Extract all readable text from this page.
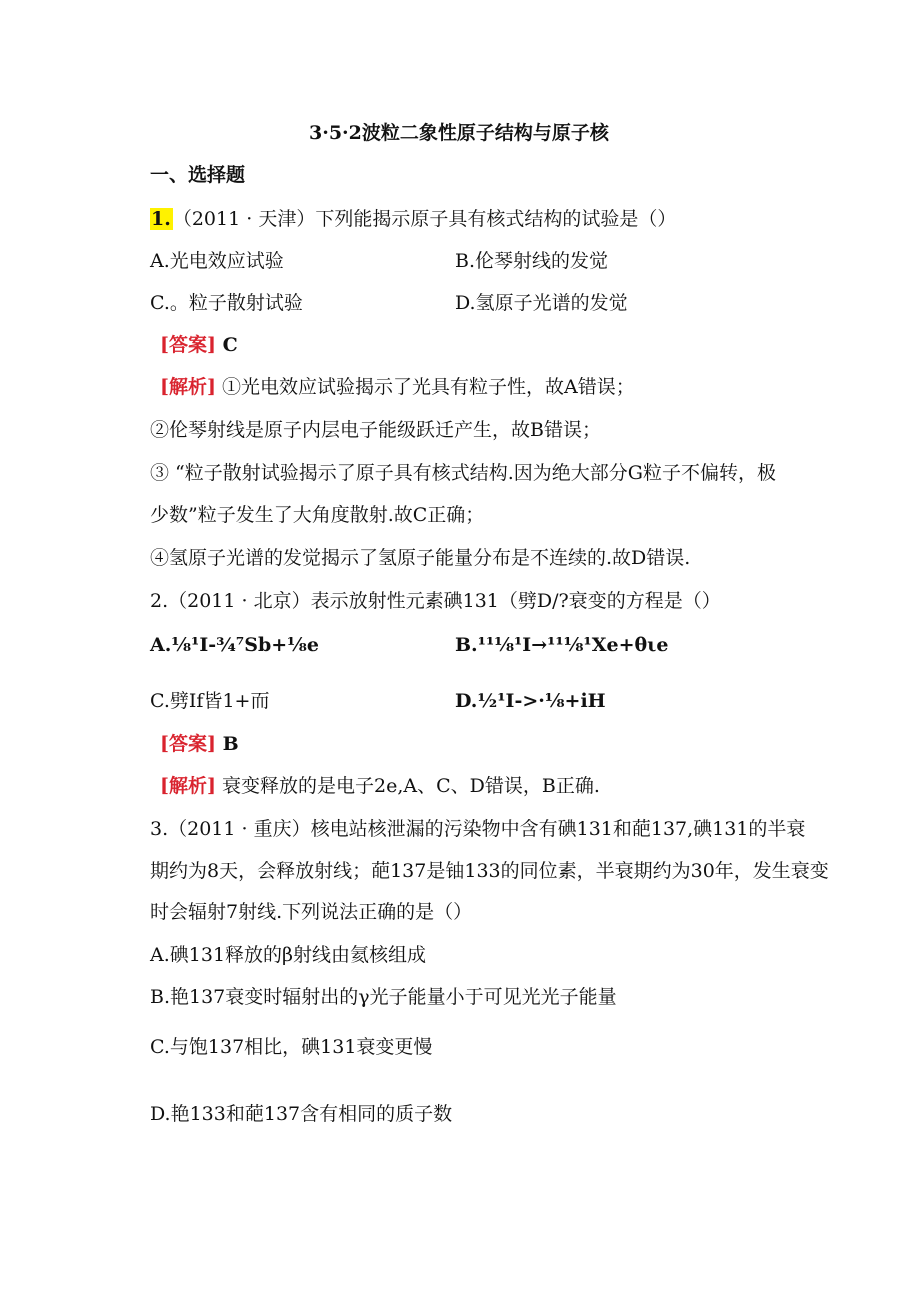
3·5·2波粒二象性原子结构与原子核
一、选择题
1. （2011 · 天津）下列能揭示原子具有核式结构的试验是（）
A.光电效应试验	B.伦琴射线的发觉
C.。粒子散射试验	D.氢原子光谱的发觉
[答案] C
[解析] ①光电效应试验揭示了光具有粒子性，故A错误；
②伦琴射线是原子内层电子能级跃迁产生，故B错误；
③ “粒子散射试验揭示了原子具有核式结构.因为绝大部分G粒子不偏转，极
少数”粒子发生了大角度散射.故C正确；
④氢原子光谱的发觉揭示了氢原子能量分布是不连续的.故D错误.
2.（2011 · 北京）表示放射性元素碘131（劈D/?衰变的方程是（）
A.⅛¹I-¾⁷Sb+⅛e	B.¹¹⅛¹I→¹¹⅛¹Xe+θιe
C.劈If皆1+而	D.½¹I->·⅛+iH
[答案] B
[解析] 衰变释放的是电子2e,A、C、D错误，B正确.
3.（2011 · 重庆）核电站核泄漏的污染物中含有碘131和葩137,碘131的半衰
期约为8天，会释放射线；葩137是铀133的同位素，半衰期约为30年，发生衰变
时会辐射7射线.下列说法正确的是（）
A.碘131释放的β射线由氦核组成
B.艳137衰变时辐射出的γ光子能量小于可见光光子能量
C.与饱137相比，碘131衰变更慢
D.艳133和葩137含有相同的质子数
